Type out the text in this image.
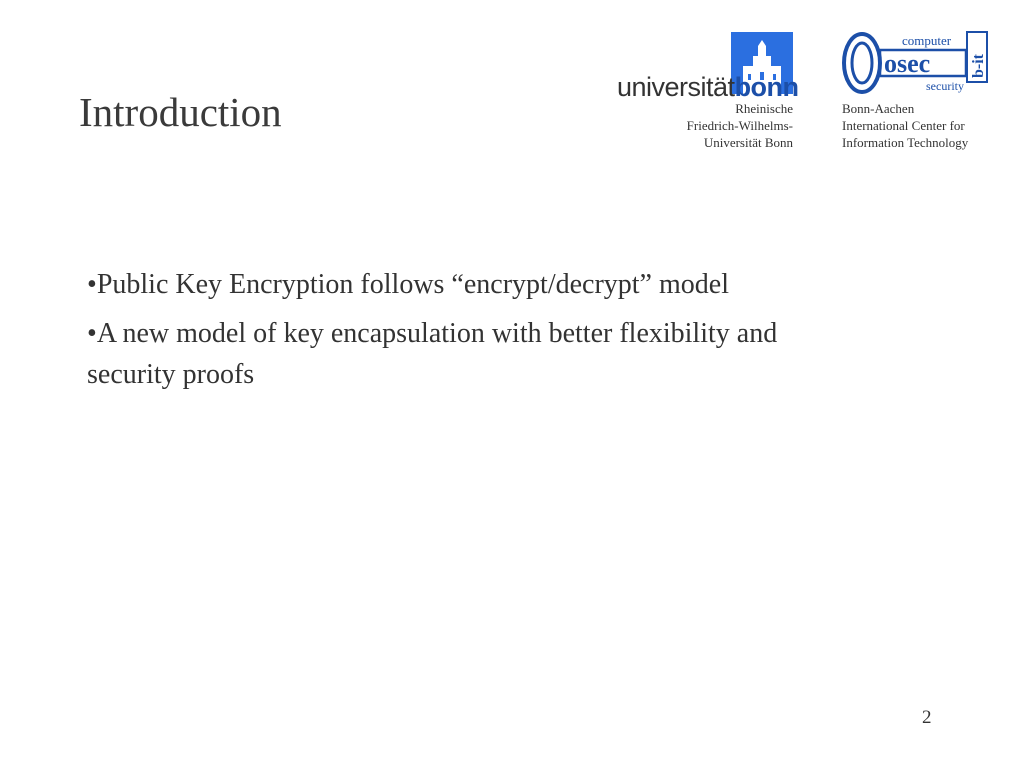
Introduction
universitätbonn
Rheinische
Friedrich-Wilhelms-
Universität Bonn
computer
osec
security
b-it
Bonn-Aachen
International Center for
Information Technology
•Public Key Encryption follows “encrypt/decrypt” model
•A new model of key encapsulation with better flexibility and security proofs
2
